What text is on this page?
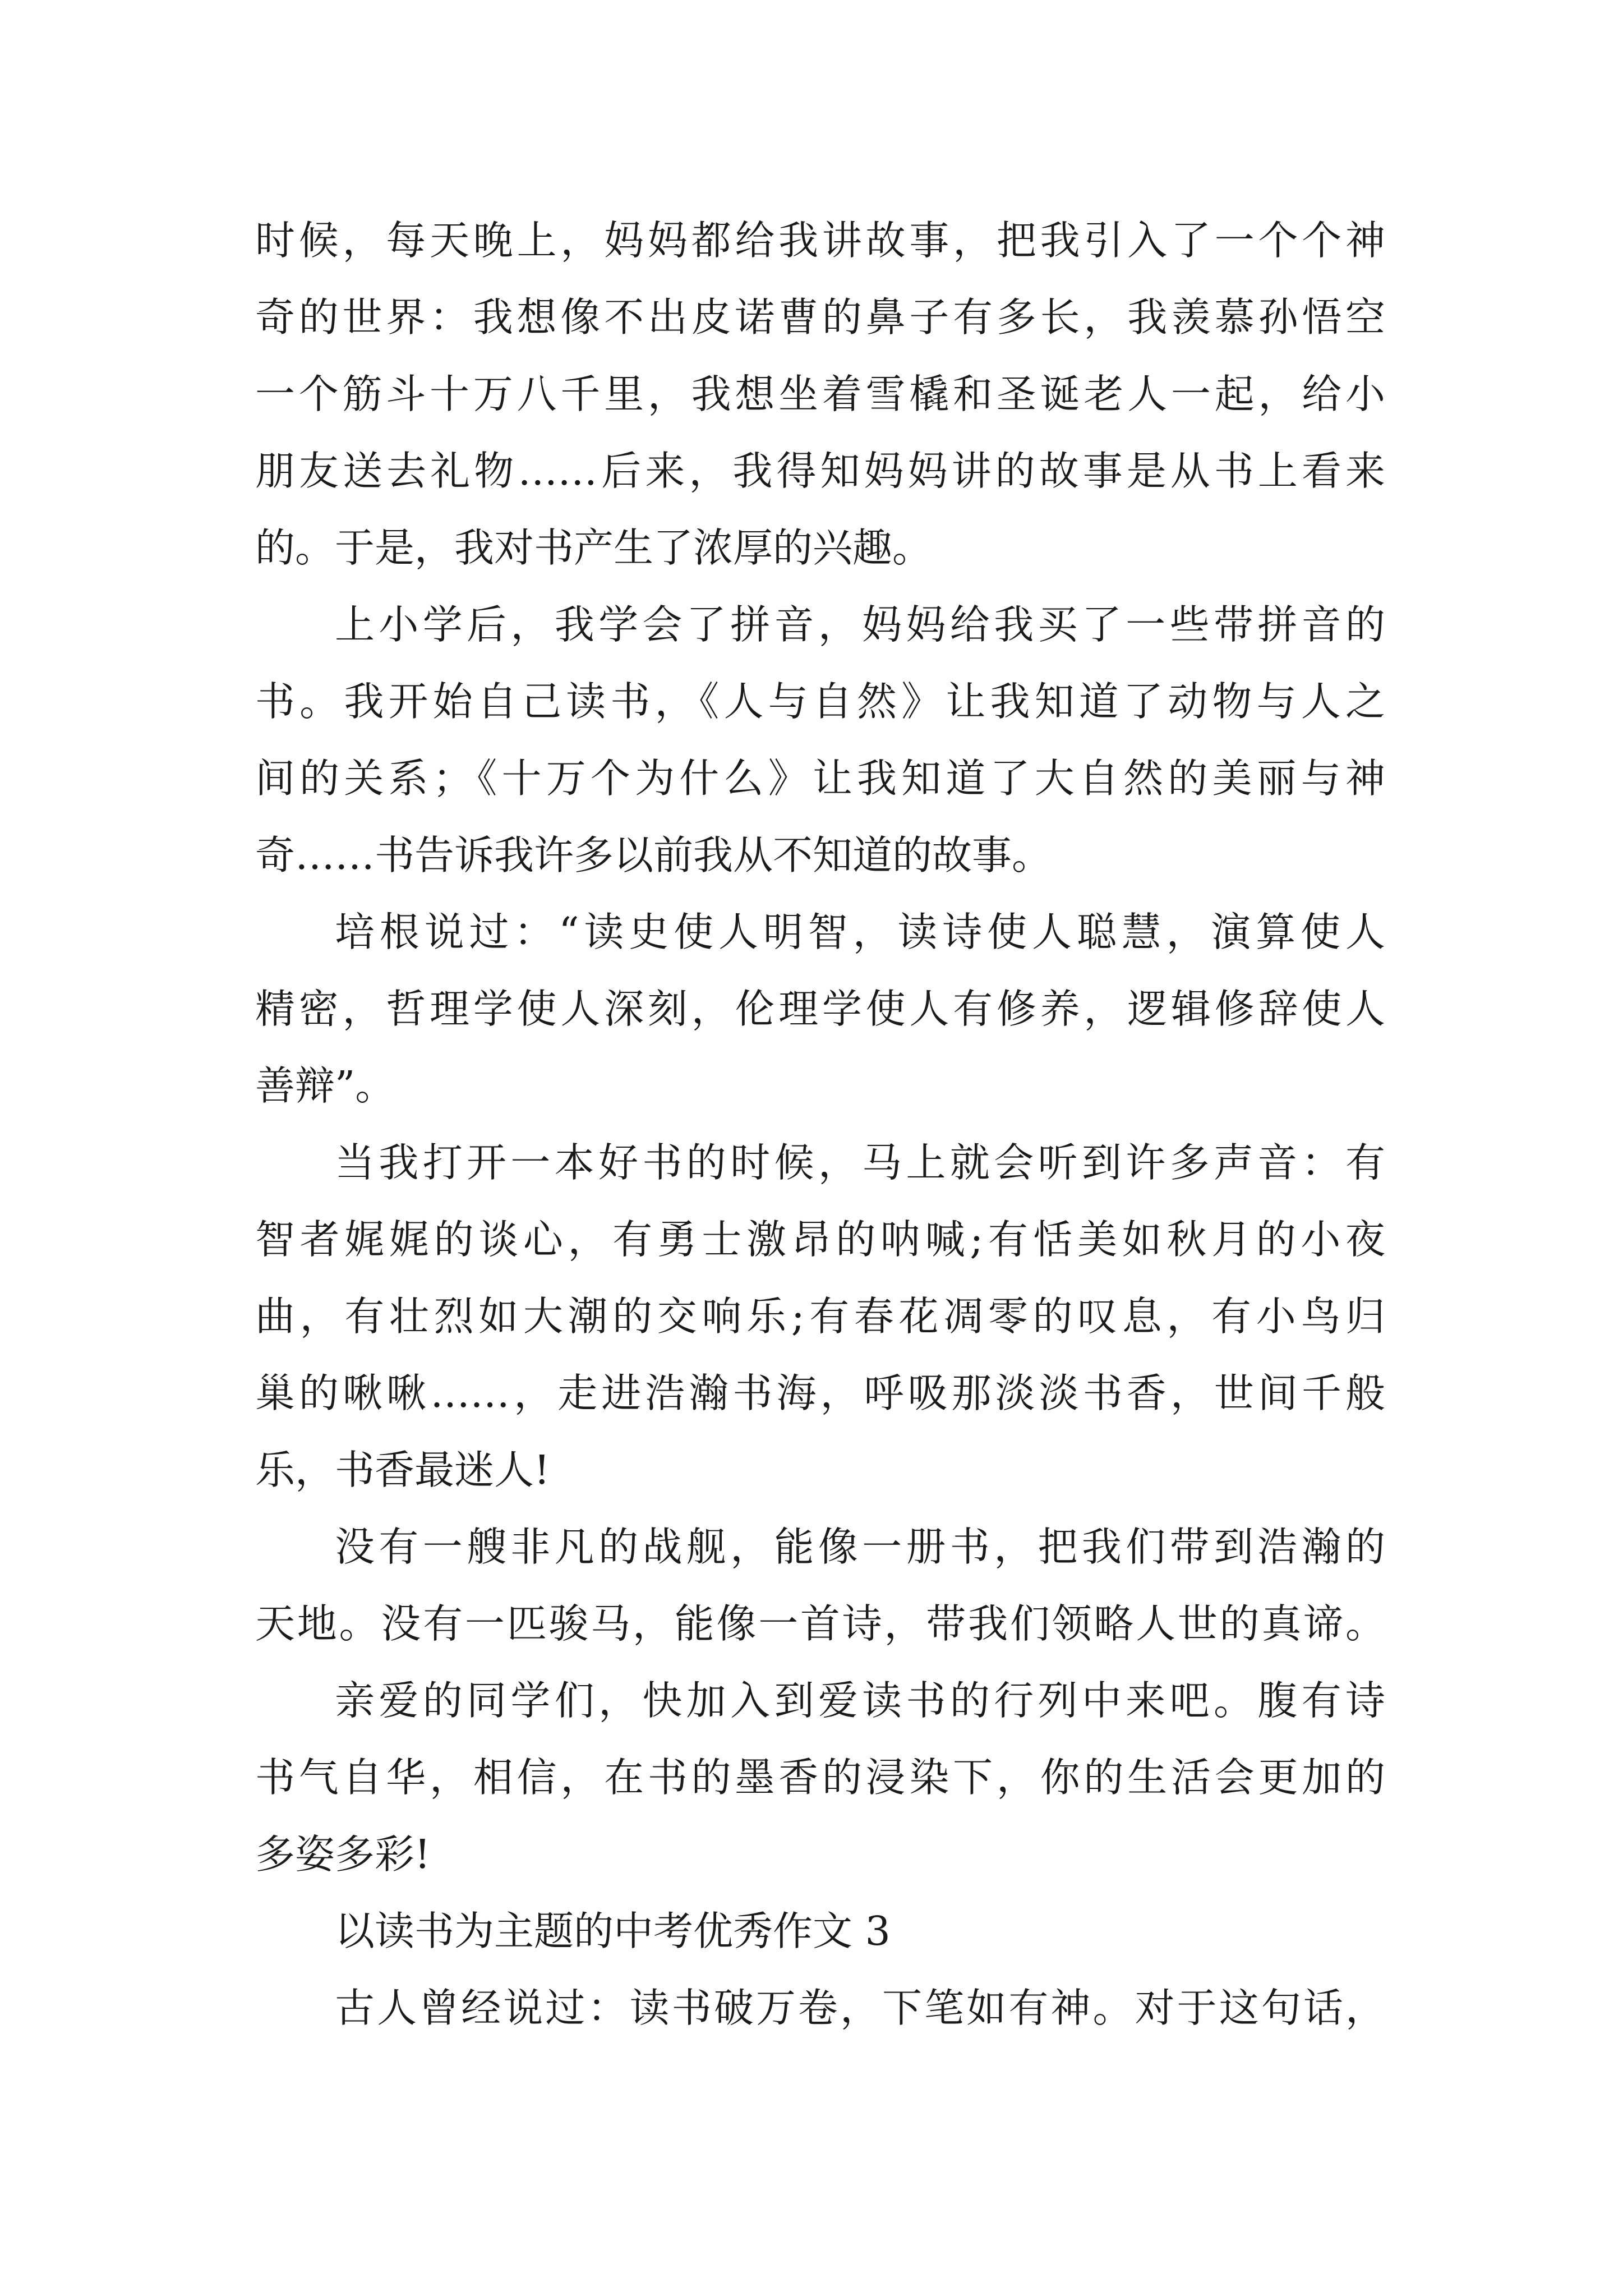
时候，每天晚上，妈妈都给我讲故事，把我引入了一个个神
奇的世界：我想像不出皮诺曹的鼻子有多长，我羡慕孙悟空
一个筋斗十万八千里，我想坐着雪橇和圣诞老人一起，给小
朋友送去礼物……后来，我得知妈妈讲的故事是从书上看来
的。于是，我对书产生了浓厚的兴趣。
上小学后，我学会了拼音，妈妈给我买了一些带拼音的
书。我开始自己读书，《人与自然》让我知道了动物与人之
间的关系；《十万个为什么》让我知道了大自然的美丽与神
奇……书告诉我许多以前我从不知道的故事。
培根说过：“读史使人明智，读诗使人聪慧，演算使人
精密，哲理学使人深刻，伦理学使人有修养，逻辑修辞使人
善辩”。
当我打开一本好书的时候，马上就会听到许多声音：有
智者娓娓的谈心，有勇士激昂的呐喊;有恬美如秋月的小夜
曲，有壮烈如大潮的交响乐;有春花凋零的叹息，有小鸟归
巢的啾啾……，走进浩瀚书海，呼吸那淡淡书香，世间千般
乐，书香最迷人!
没有一艘非凡的战舰，能像一册书，把我们带到浩瀚的
天地。没有一匹骏马，能像一首诗，带我们领略人世的真谛。
亲爱的同学们，快加入到爱读书的行列中来吧。腹有诗
书气自华，相信，在书的墨香的浸染下，你的生活会更加的
多姿多彩!
以读书为主题的中考优秀作文 3
古人曾经说过：读书破万卷，下笔如有神。对于这句话，
